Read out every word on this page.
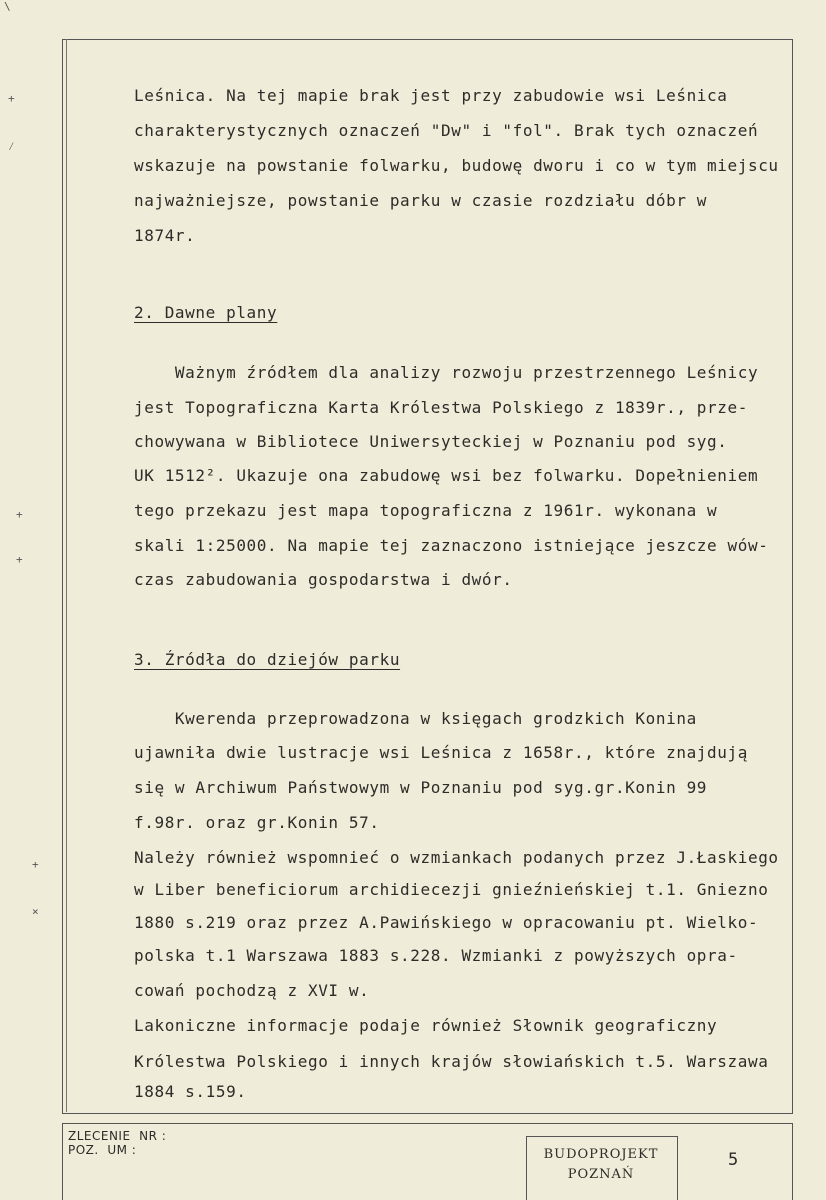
\
+
⁄
+
+
+
×
Leśnica. Na tej mapie brak jest przy zabudowie wsi Leśnica
charakterystycznych oznaczeń "Dw" i "fol". Brak tych oznaczeń
wskazuje na powstanie folwarku, budowę dworu i co w tym miejscu
najważniejsze, powstanie parku w czasie rozdziału dóbr w
1874r.
2. Dawne plany
Ważnym źródłem dla analizy rozwoju przestrzennego Leśnicy
jest Topograficzna Karta Królestwa Polskiego z 1839r., prze-
chowywana w Bibliotece Uniwersyteckiej w Poznaniu pod syg.
UK 1512². Ukazuje ona zabudowę wsi bez folwarku. Dopełnieniem
tego przekazu jest mapa topograficzna z 1961r. wykonana w
skali 1:25000. Na mapie tej zaznaczono istniejące jeszcze wów-
czas zabudowania gospodarstwa i dwór.
3. Źródła do dziejów parku
Kwerenda przeprowadzona w księgach grodzkich Konina
ujawniła dwie lustracje wsi Leśnica z 1658r., które znajdują
się w Archiwum Państwowym w Poznaniu pod syg.gr.Konin 99
f.98r. oraz gr.Konin 57.
Należy również wspomnieć o wzmiankach podanych przez J.Łaskiego
w Liber beneficiorum archidiecezji gnieźnieńskiej t.1. Gniezno
1880 s.219 oraz przez A.Pawińskiego w opracowaniu pt. Wielko-
polska t.1 Warszawa 1883 s.228. Wzmianki z powyższych opra-
cowań pochodzą z XVI w.
Lakoniczne informacje podaje również Słownik geograficzny
Królestwa Polskiego i innych krajów słowiańskich t.5. Warszawa
1884 s.159.
ZLECENIE  NR :
POZ.  UM :	BUDOPROJEKT
POZNAŃ
5
